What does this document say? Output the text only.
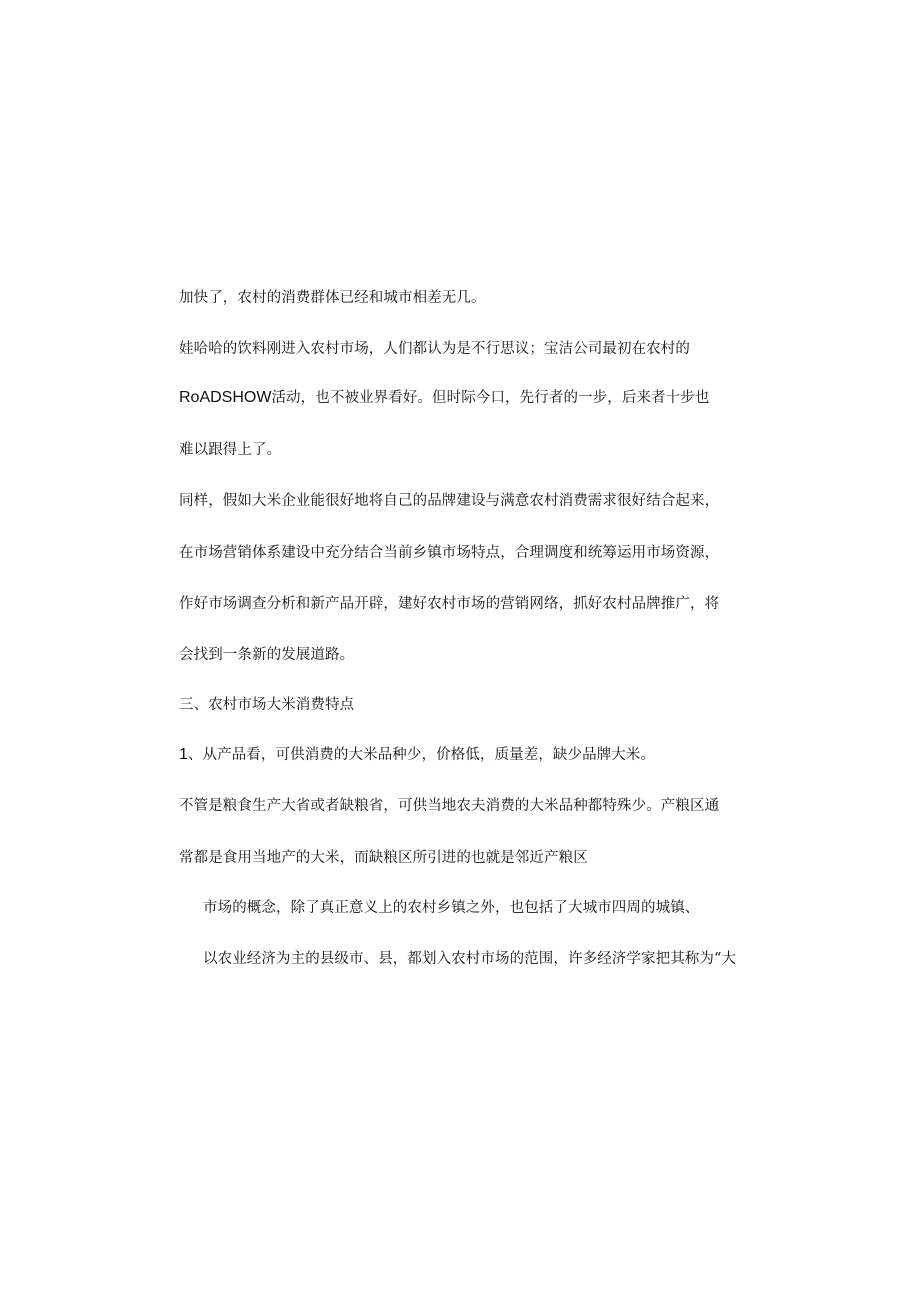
加快了，农村的消费群体已经和城市相差无几。
娃哈哈的饮料刚进入农村市场，人们都认为是不行思议；宝洁公司最初在农村的
RoADSHOW活动，也不被业界看好。但时际今口，先行者的一步，后来者十步也
难以跟得上了。
同样，假如大米企业能很好地将自己的品牌建设与满意农村消费需求很好结合起来，
在市场营销体系建设中充分结合当前乡镇市场特点，合理调度和统筹运用市场资源，
作好市场调查分析和新产品开辟，建好农村市场的营销网络，抓好农村品牌推广，将
会找到一条新的发展道路。
三、农村市场大米消费特点
1、从产品看，可供消费的大米品种少，价格低，质量差，缺少品牌大米。
不管是粮食生产大省或者缺粮省，可供当地农夫消费的大米品种都特殊少。产粮区通
常都是食用当地产的大米，而缺粮区所引进的也就是邻近产粮区
市场的概念，除了真正意义上的农村乡镇之外，也包括了大城市四周的城镇、
以农业经济为主的县级市、县，都划入农村市场的范围，许多经济学家把其称为“大
